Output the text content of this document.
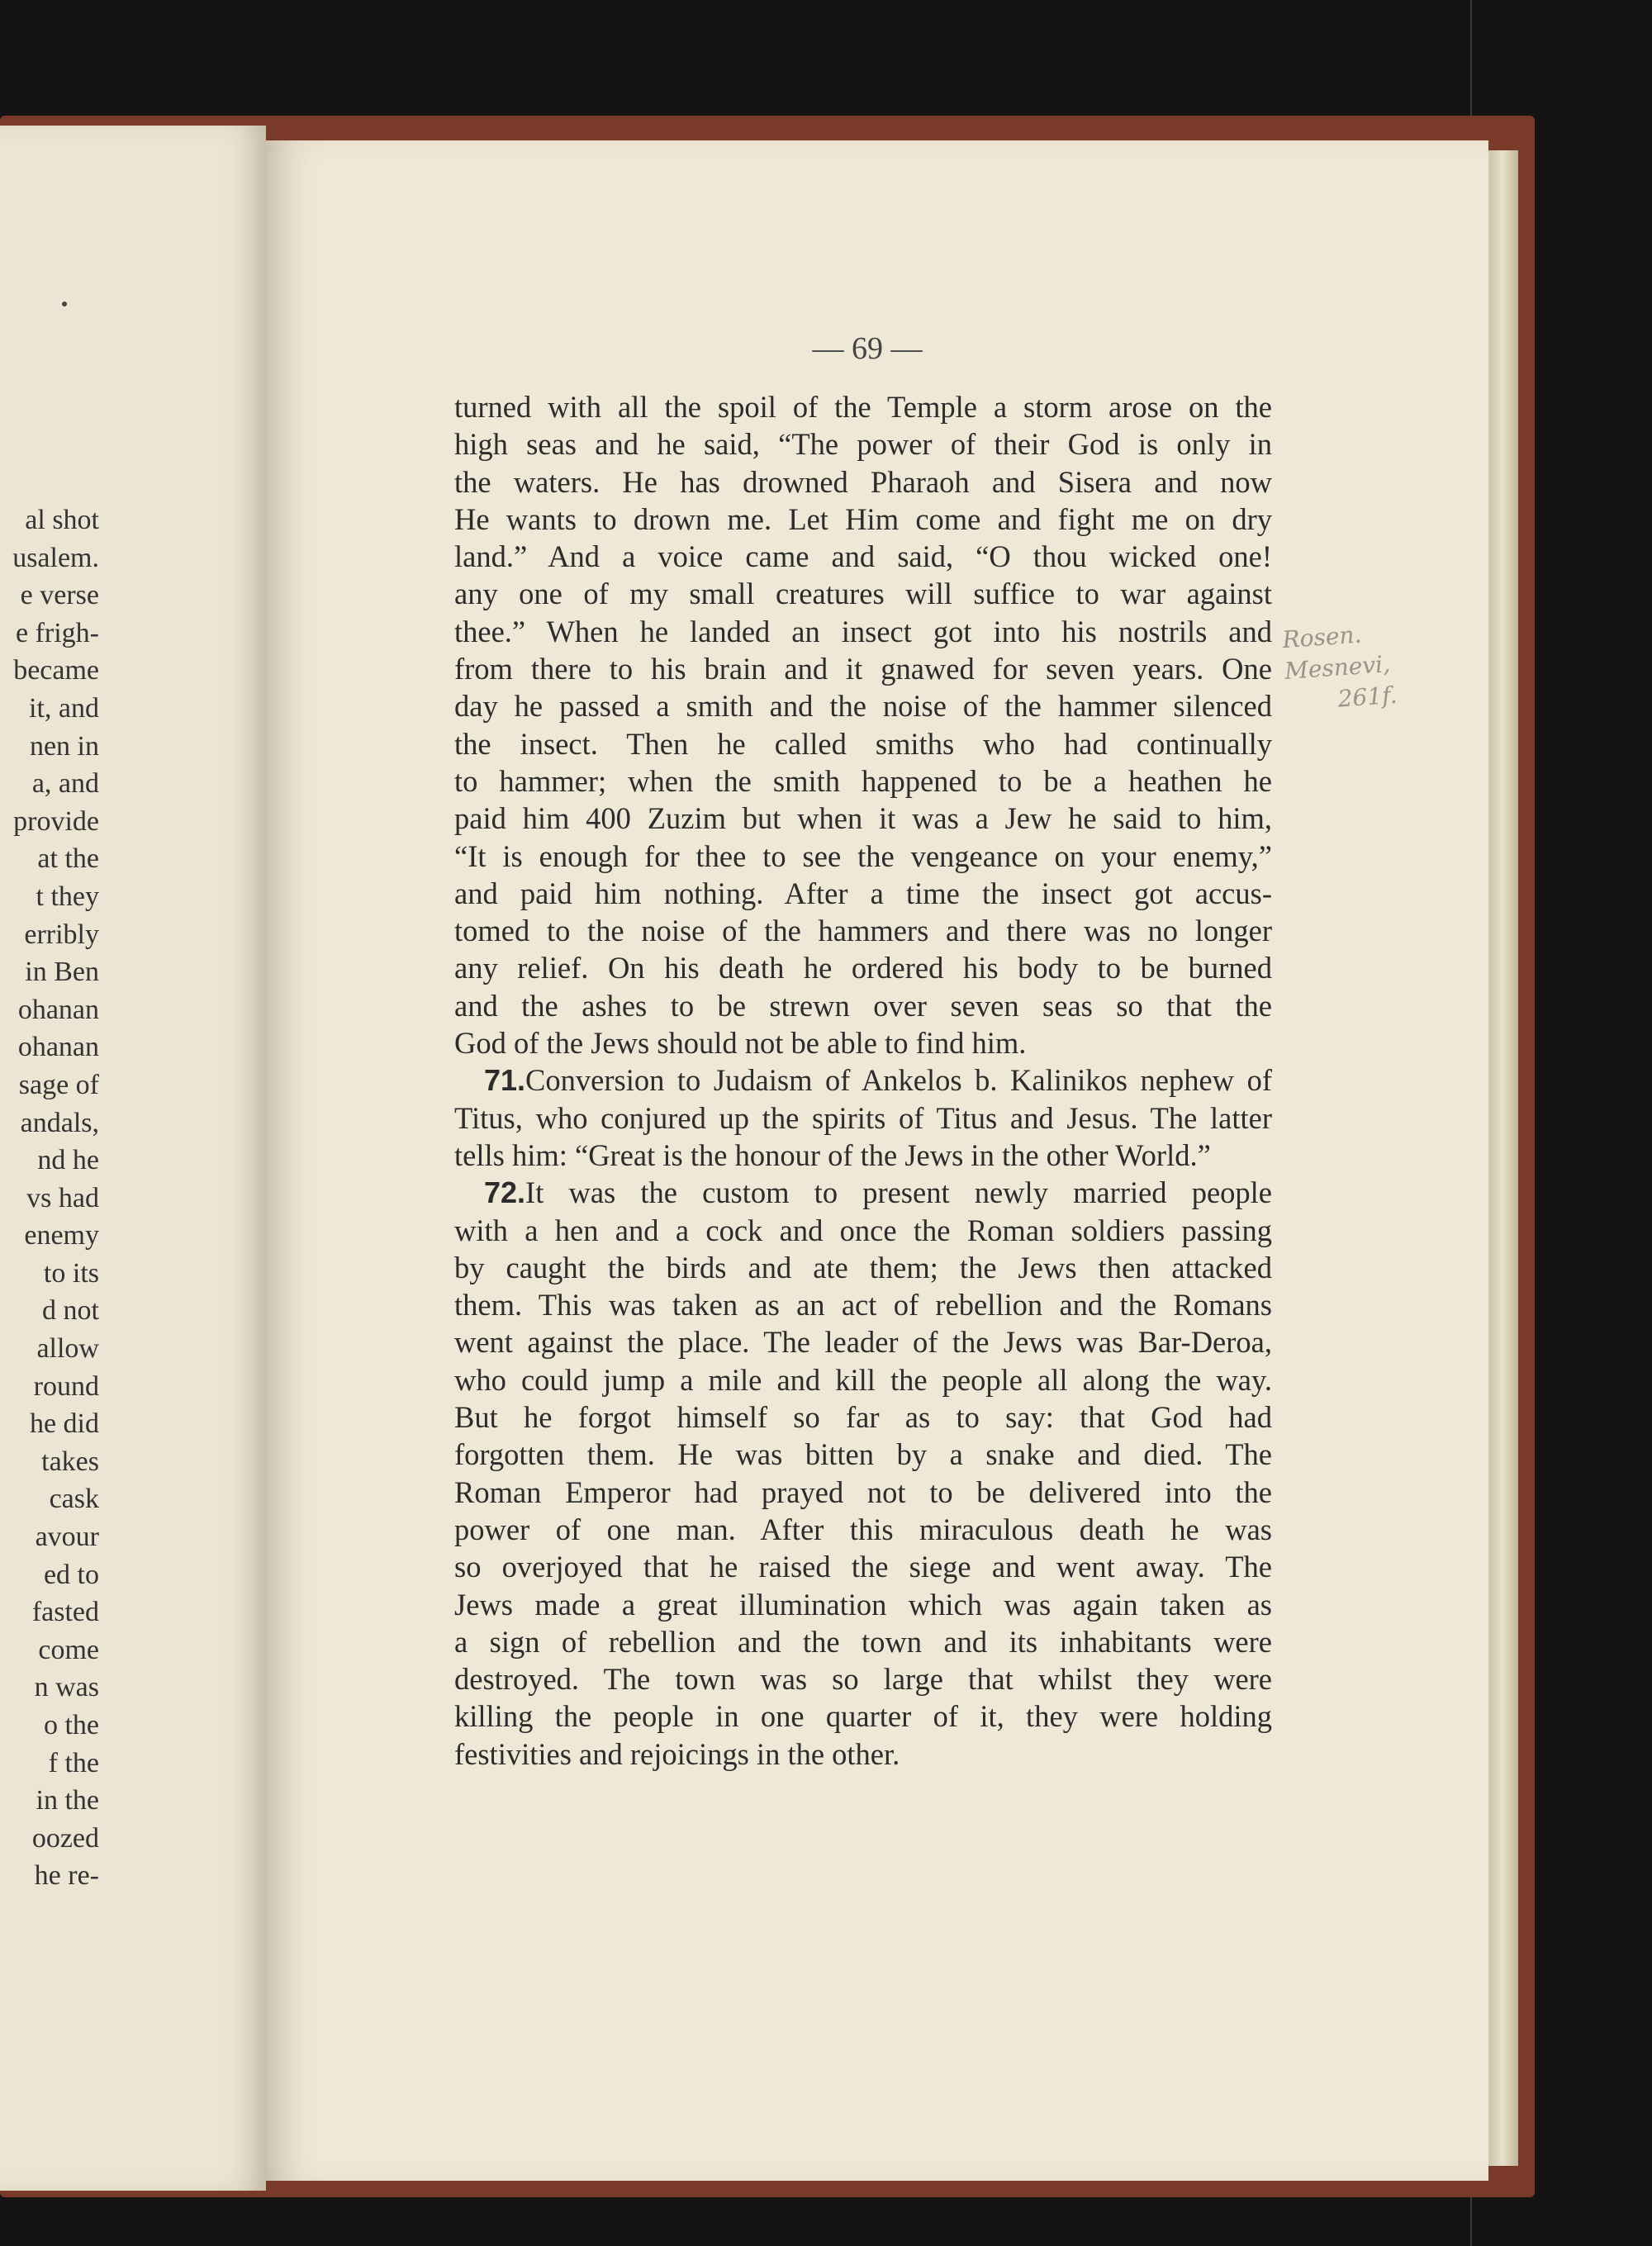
al shot
usalem.
e verse
e frigh-
became
it, and
nen in
a, and
provide
at the
t they
erribly
in Ben
ohanan
ohanan
sage of
andals,
nd he
vs had
enemy
to its
d not
allow
round
he did
takes
cask
avour
ed to
fasted
come
n was
o the
f the
in the
oozed
he re-
— 69 —
Rosen. Mesnevi,
261f.
turned with all the spoil of the Temple a storm arose on the
high seas and he said, “The power of their God is only in
the waters. He has drowned Pharaoh and Sisera and now
He wants to drown me. Let Him come and fight me on dry
land.” And a voice came and said, “O thou wicked one!
any one of my small creatures will suffice to war against
thee.” When he landed an insect got into his nostrils and
from there to his brain and it gnawed for seven years. One
day he passed a smith and the noise of the hammer silenced
the insect. Then he called smiths who had continually
to hammer; when the smith happened to be a heathen he
paid him 400 Zuzim but when it was a Jew he said to him,
“It is enough for thee to see the vengeance on your enemy,”
and paid him nothing. After a time the insect got accus-
tomed to the noise of the hammers and there was no longer
any relief. On his death he ordered his body to be burned
and the ashes to be strewn over seven seas so that the
God of the Jews should not be able to find him.
71.Conversion to Judaism of Ankelos b. Kalinikos nephew of
Titus, who conjured up the spirits of Titus and Jesus. The latter
tells him: “Great is the honour of the Jews in the other World.”
72.It was the custom to present newly married people
with a hen and a cock and once the Roman soldiers passing
by caught the birds and ate them; the Jews then attacked
them. This was taken as an act of rebellion and the Romans
went against the place. The leader of the Jews was Bar-Deroa,
who could jump a mile and kill the people all along the way.
But he forgot himself so far as to say: that God had
forgotten them. He was bitten by a snake and died. The
Roman Emperor had prayed not to be delivered into the
power of one man. After this miraculous death he was
so overjoyed that he raised the siege and went away. The
Jews made a great illumination which was again taken as
a sign of rebellion and the town and its inhabitants were
destroyed. The town was so large that whilst they were
killing the people in one quarter of it, they were holding
festivities and rejoicings in the other.
